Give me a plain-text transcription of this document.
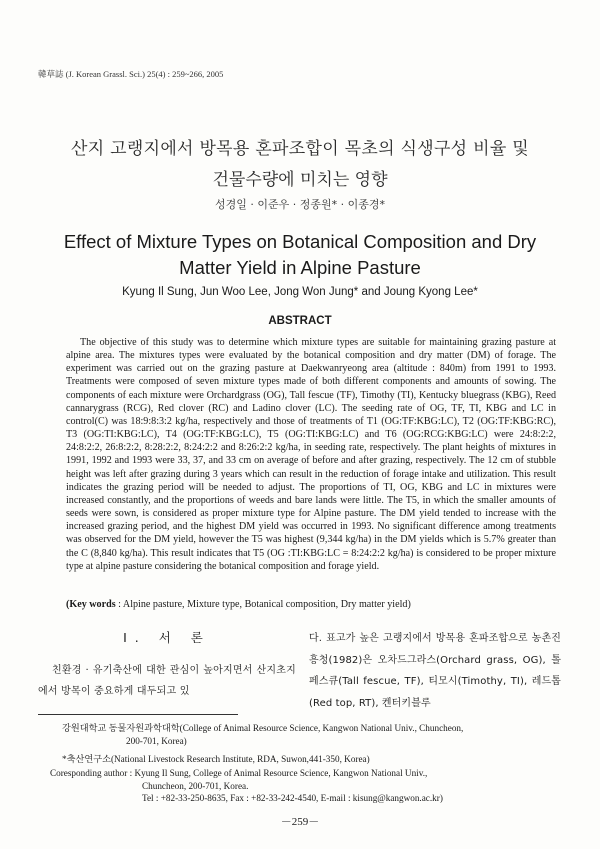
韓草誌 (J. Korean Grassl. Sci.) 25(4) : 259~266, 2005
산지 고랭지에서 방목용 혼파조합이 목초의 식생구성 비율 및
건물수량에 미치는 영향
성경일 · 이준우 · 정종원* · 이종경*
Effect of Mixture Types on Botanical Composition and Dry
Matter Yield in Alpine Pasture
Kyung Il Sung, Jun Woo Lee, Jong Won Jung* and Joung Kyong Lee*
ABSTRACT

The objective of this study was to determine which mixture types are suitable for maintaining grazing pasture at alpine area. The mixtures types were evaluated by the botanical composition and dry matter (DM) of forage. The experiment was carried out on the grazing pasture at Daekwanryeong area (altitude : 840m) from 1991 to 1993. Treatments were composed of seven mixture types made of both different components and amounts of sowing. The components of each mixture were Orchardgrass (OG), Tall fescue (TF), Timothy (TI), Kentucky bluegrass (KBG), Reed cannarygrass (RCG), Red clover (RC) and Ladino clover (LC). The seeding rate of OG, TF, TI, KBG and LC in control(C) was 18:9:8:3:2 kg/ha, respectively and those of treatments of T1 (OG:TF:KBG:LC), T2 (OG:TF:KBG:RC), T3 (OG:TI:KBG:LC), T4 (OG:TF:KBG:LC), T5 (OG:TI:KBG:LC) and T6 (OG:RCG:KBG:LC) were 24:8:2:2, 24:8:2:2, 26:8:2:2, 8:28:2:2, 8:24:2:2 and 8:26:2:2 kg/ha, in seeding rate, respectively. The plant heights of mixtures in 1991, 1992 and 1993 were 33, 37, and 33 cm on average of before and after grazing, respectively. The 12 cm of stubble height was left after grazing during 3 years which can result in the reduction of forage intake and utilization. This result indicates the grazing period will be needed to adjust. The proportions of TI, OG, KBG and LC in mixtures were increased constantly, and the proportions of weeds and bare lands were little. The T5, in which the smaller amounts of seeds were sown, is considered as proper mixture type for Alpine pasture. The DM yield tended to increase with the increased grazing period, and the highest DM yield was occurred in 1993. No significant difference among treatments was observed for the DM yield, however the T5 was highest (9,344 kg/ha) in the DM yields which is 5.7% greater than the C (8,840 kg/ha). This result indicates that T5 (OG :TI:KBG:LC = 8:24:2:2 kg/ha) is considered to be proper mixture type at alpine pasture considering the botanical composition and forage yield.

(Key words : Alpine pasture, Mixture type, Botanical composition, Dry matter yield)

I. 서 론

친환경 · 유기축산에 대한 관심이 높아지면서 산지초지에서 방목이 중요하게 대두되고 있

다. 표고가 높은 고랭지에서 방목용 혼파조합으로 농촌진흥청(1982)은 오차드그라스(Orchard grass, OG), 톨페스큐(Tall fescue, TF), 티모시(Timothy, TI), 레드톱(Red top, RT), 켄터키블루

강원대학교 동물자원과학대학(College of Animal Resource Science, Kangwon National Univ., Chuncheon,
200-701, Korea)
*축산연구소(National Livestock Research Institute, RDA, Suwon,441-350, Korea)
Coresponding author : Kyung Il Sung, College of Animal Resource Science, Kangwon National Univ.,
Chuncheon, 200-701, Korea.
Tel : +82-33-250-8635, Fax : +82-33-242-4540, E-mail : kisung@kangwon.ac.kr)
－259－
